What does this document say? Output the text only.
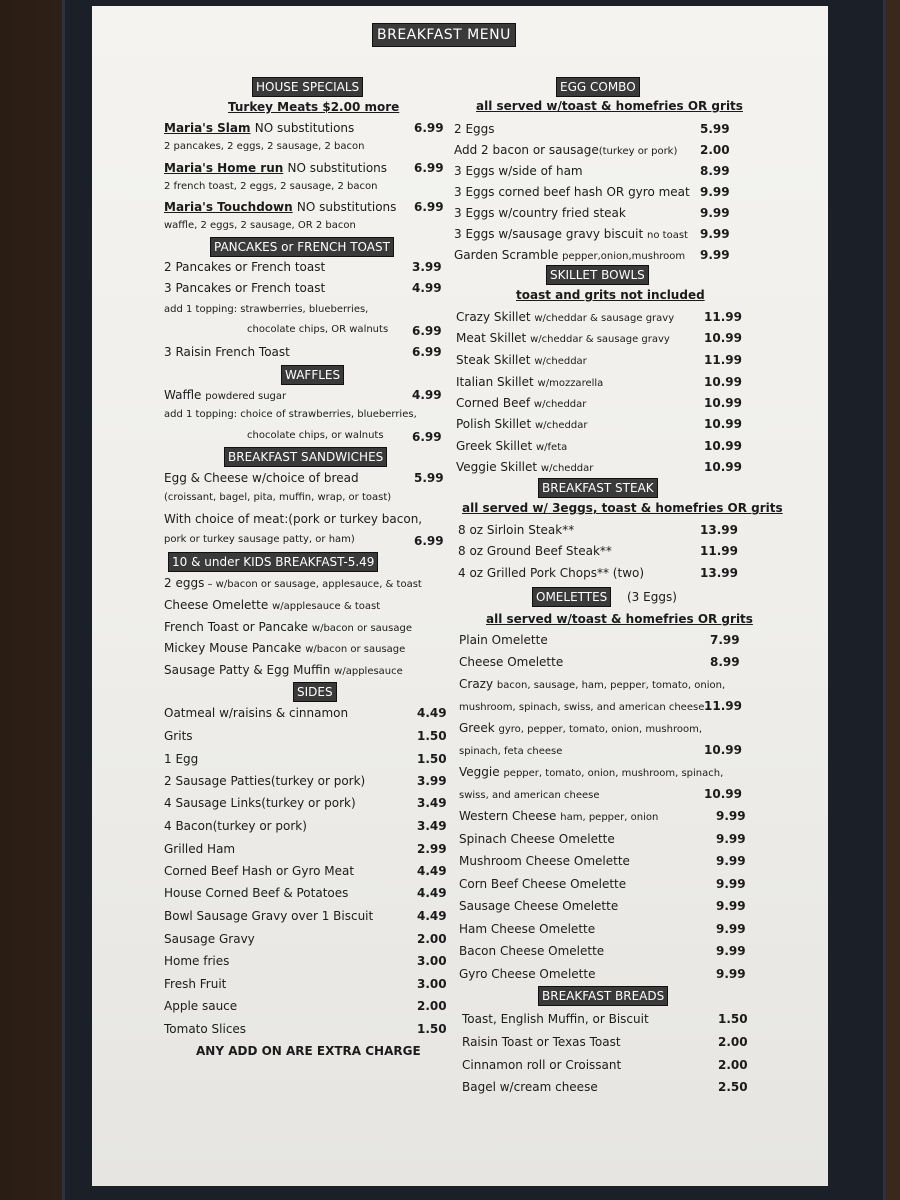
BREAKFAST MENU
HOUSE SPECIALS
Turkey Meats $2.00 more
Maria's Slam NO substitutions	6.99
2 pancakes, 2 eggs, 2 sausage, 2 bacon
Maria's Home run NO substitutions 6.99
2 french toast, 2 eggs, 2 sausage, 2 bacon
Maria's Touchdown NO substitutions 6.99
waffle, 2 eggs, 2 sausage, OR 2 bacon
PANCAKES or FRENCH TOAST
2 Pancakes or French toast	3.99
3 Pancakes or French toast	4.99
add 1 topping: strawberries, blueberries,
chocolate chips, OR walnuts 6.99
3 Raisin French Toast	6.99
WAFFLES
Waffle powdered sugar	4.99
add 1 topping: choice of strawberries, blueberries,
chocolate chips, or walnuts 6.99
BREAKFAST SANDWICHES
Egg & Cheese w/choice of bread	5.99
(croissant, bagel, pita, muffin, wrap, or toast)
With choice of meat:(pork or turkey bacon,
pork or turkey sausage patty, or ham)	6.99
10 & under KIDS BREAKFAST-5.49
2 eggs – w/bacon or sausage, applesauce, & toast
Cheese Omelette w/applesauce & toast
French Toast or Pancake w/bacon or sausage
Mickey Mouse Pancake w/bacon or sausage
Sausage Patty & Egg Muffin w/applesauce
SIDES
Oatmeal w/raisins & cinnamon	4.49
Grits	1.50
1 Egg	1.50
2 Sausage Patties(turkey or pork)	3.99
4 Sausage Links(turkey or pork)	3.49
4 Bacon(turkey or pork)	3.49
Grilled Ham	2.99
Corned Beef Hash or Gyro Meat	4.49
House Corned Beef & Potatoes	4.49
Bowl Sausage Gravy over 1 Biscuit	4.49
Sausage Gravy	2.00
Home fries	3.00
Fresh Fruit	3.00
Apple sauce	2.00
Tomato Slices	1.50
ANY ADD ON ARE EXTRA CHARGE
EGG COMBO
all served w/toast & homefries OR grits
2 Eggs	5.99
Add 2 bacon or sausage(turkey or pork) 2.00
3 Eggs w/side of ham	8.99
3 Eggs corned beef hash OR gyro meat 9.99
3 Eggs w/country fried steak	9.99
3 Eggs w/sausage gravy biscuit no toast 9.99
Garden Scramble pepper,onion,mushroom 9.99
SKILLET BOWLS
toast and grits not included
Crazy Skillet w/cheddar & sausage gravy 11.99
Meat Skillet w/cheddar & sausage gravy	10.99
Steak Skillet w/cheddar	11.99
Italian Skillet w/mozzarella	10.99
Corned Beef w/cheddar	10.99
Polish Skillet w/cheddar	10.99
Greek Skillet w/feta	10.99
Veggie Skillet w/cheddar	10.99
BREAKFAST STEAK
all served w/ 3eggs, toast & homefries OR grits
8 oz Sirloin Steak**	13.99
8 oz Ground Beef Steak**	11.99
4 oz Grilled Pork Chops** (two)	13.99
OMELETTES	(3 Eggs)
all served w/toast & homefries OR grits
Plain Omelette	7.99
Cheese Omelette	8.99
Crazy bacon, sausage, ham, pepper, tomato, onion,
mushroom, spinach, swiss, and american cheese 11.99
Greek gyro, pepper, tomato, onion, mushroom,
spinach, feta cheese	10.99
Veggie pepper, tomato, onion, mushroom, spinach,
swiss, and american cheese	10.99
Western Cheese ham, pepper, onion	9.99
Spinach Cheese Omelette	9.99
Mushroom Cheese Omelette	9.99
Corn Beef Cheese Omelette	9.99
Sausage Cheese Omelette	9.99
Ham Cheese Omelette	9.99
Bacon Cheese Omelette	9.99
Gyro Cheese Omelette	9.99
BREAKFAST BREADS
Toast, English Muffin, or Biscuit	1.50
Raisin Toast or Texas Toast	2.00
Cinnamon roll or Croissant	2.00
Bagel w/cream cheese	2.50
